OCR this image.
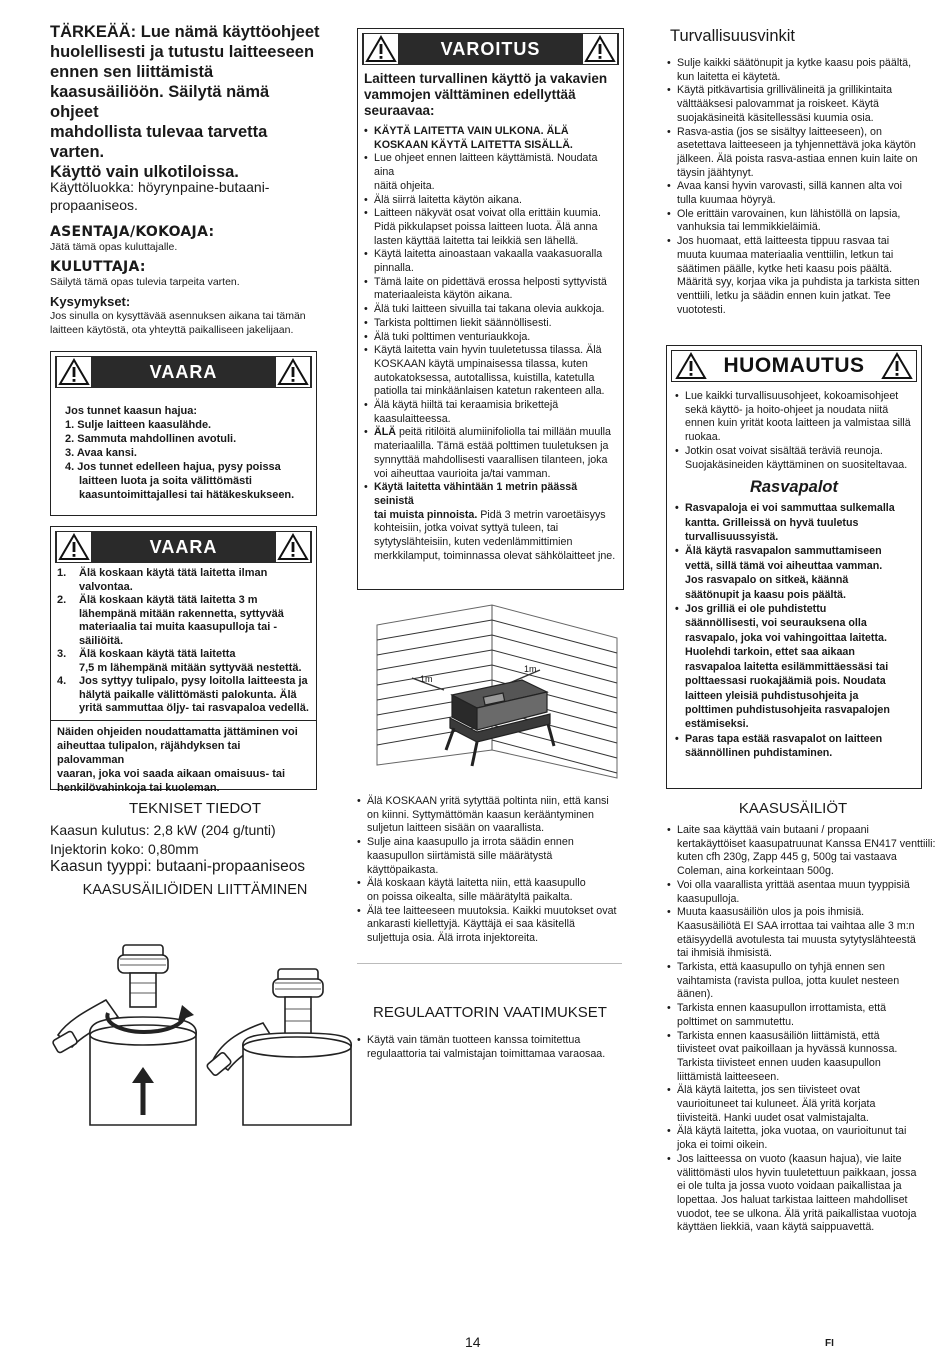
TÄRKEÄÄ: Lue nämä käyttöohjeet
huolellisesti ja tutustu laitteeseen
ennen sen liittämistä
kaasusäiliöön. Säilytä nämä ohjeet
mahdollista tulevaa tarvetta
varten.
Käyttö vain ulkotiloissa.
Käyttöluokka: höyrynpaine-butaani-
propaaniseos.
ASENTAJA/KOKOAJA:
Jätä tämä opas kuluttajalle.
KULUTTAJA:
Säilytä tämä opas tulevia tarpeita varten.
Kysymykset:
Jos sinulla on kysyttävää asennuksen aikana tai tämän
laitteen käytöstä, ota yhteyttä paikalliseen jakelijaan.
VAARA
Jos tunnet kaasun hajua:
1. Sulje laitteen kaasulähde.
2. Sammuta mahdollinen avotuli.
3. Avaa kansi.
4. Jos tunnet edelleen hajua, pysy poissa
laitteen luota ja soita välittömästi
kaasuntoimittajallesi tai hätäkeskukseen.
VAARA
1.	Älä koskaan käytä tätä laitetta ilman
valvontaa.
2.	Älä koskaan käytä tätä laitetta 3 m
lähempänä mitään rakennetta, syttyvää
materiaalia tai muita kaasupulloja tai -
säiliöitä.
3.	Älä koskaan käytä tätä laitetta
7,5 m lähempänä mitään syttyvää nestettä.
4.	Jos syttyy tulipalo, pysy loitolla laitteesta ja
hälytä paikalle välittömästi palokunta. Älä
yritä sammuttaa öljy- tai rasvapaloa vedellä.
Näiden ohjeiden noudattamatta jättäminen voi
aiheuttaa tulipalon, räjähdyksen tai palovamman
vaaran, joka voi saada aikaan omaisuus- tai
henkilövahinkoja tai kuoleman.
TEKNISET TIEDOT
Kaasun kulutus: 2,8 kW (204 g/tunti)
Injektorin koko: 0,80mm
Kaasun tyyppi: butaani-propaaniseos
KAASUSÄILIÖIDEN LIITTÄMINEN
VAROITUS
Laitteen turvallinen käyttö ja vakavien
vammojen välttäminen edellyttää
seuraavaa:
• KÄYTÄ LAITETTA VAIN ULKONA. ÄLÄ
KOSKAAN KÄYTÄ LAITETTA SISÄLLÄ.
• Lue ohjeet ennen laitteen käyttämistä. Noudata aina
näitä ohjeita.
• Älä siirrä laitetta käytön aikana.
• Laitteen näkyvät osat voivat olla erittäin kuumia.
Pidä pikkulapset poissa laitteen luota. Älä anna
lasten käyttää laitetta tai leikkiä sen lähellä.
• Käytä laitetta ainoastaan vakaalla vaakasuoralla
pinnalla.
• Tämä laite on pidettävä erossa helposti syttyvistä
materiaaleista käytön aikana.
• Älä tuki laitteen sivuilla tai takana olevia aukkoja.
• Tarkista polttimen liekit säännöllisesti.
• Älä tuki polttimen venturiaukkoja.
• Käytä laitetta vain hyvin tuuletetussa tilassa. Älä
KOSKAAN käytä umpinaisessa tilassa, kuten
autokatoksessa, autotallissa, kuistilla, katetulla
patiolla tai minkäänlaisen katetun rakenteen alla.
• Älä käytä hiiltä tai keraamisia brikettejä
kaasulaitteessa.
• ÄLÄ peitä ritilöitä alumiinifoliolla tai millään muulla
materiaalilla. Tämä estää polttimen tuuletuksen ja
synnyttää mahdollisesti vaarallisen tilanteen, joka
voi aiheuttaa vaurioita ja/tai vamman.
• Käytä laitetta vähintään 1 metrin päässä seinistä
tai muista pinnoista. Pidä 3 metrin varoetäisyys
kohteisiin, jotka voivat syttyä tuleen, tai
sytytyslähteisiin, kuten vedenlämmittimien
merkkilamput, toiminnassa olevat sähkölaitteet jne.
1m
1m
• Älä KOSKAAN yritä sytyttää poltinta niin, että kansi
on kiinni. Syttymättömän kaasun kerääntyminen
suljetun laitteen sisään on vaarallista.
• Sulje aina kaasupullo ja irrota säädin ennen
kaasupullon siirtämistä sille määrätystä
käyttöpaikasta.
• Älä koskaan käytä laitetta niin, että kaasupullo
on poissa oikealta, sille määrätyltä paikalta.
• Älä tee laitteeseen muutoksia. Kaikki muutokset ovat
ankarasti kiellettyjä. Käyttäjä ei saa käsitellä
suljettuja osia. Älä irrota injektoreita.
REGULAATTORIN VAATIMUKSET
• Käytä vain tämän tuotteen kanssa toimitettua
regulaattoria tai valmistajan toimittamaa varaosaa.
Turvallisuusvinkit
• Sulje kaikki säätönupit ja kytke kaasu pois päältä,
kun laitetta ei käytetä.
• Käytä pitkävartisia grillivälineitä ja grillikintaita
välttääksesi palovammat ja roiskeet. Käytä
suojakäsineitä käsitellessäsi kuumia osia.
• Rasva-astia (jos se sisältyy laitteeseen), on
asetettava laitteeseen ja tyhjennettävä joka käytön
jälkeen. Älä poista rasva-astiaa ennen kuin laite on
täysin jäähtynyt.
• Avaa kansi hyvin varovasti, sillä kannen alta voi
tulla kuumaa höyryä.
• Ole erittäin varovainen, kun lähistöllä on lapsia,
vanhuksia tai lemmikkieläimiä.
• Jos huomaat, että laitteesta tippuu rasvaa tai
muuta kuumaa materiaalia venttiilin, letkun tai
säätimen päälle, kytke heti kaasu pois päältä.
Määritä syy, korjaa vika ja puhdista ja tarkista sitten
venttiili, letku ja säädin ennen kuin jatkat. Tee
vuototesti.
HUOMAUTUS
• Lue kaikki turvallisuusohjeet, kokoamisohjeet
sekä käyttö- ja hoito-ohjeet ja noudata niitä
ennen kuin yrität koota laitteen ja valmistaa sillä
ruokaa.
• Jotkin osat voivat sisältää teräviä reunoja.
Suojakäsineiden käyttäminen on suositeltavaa.
Rasvapalot
• Rasvapaloja ei voi sammuttaa sulkemalla
kantta. Grilleissä on hyvä tuuletus
turvallisuussyistä.
• Älä käytä rasvapalon sammuttamiseen
vettä, sillä tämä voi aiheuttaa vamman.
Jos rasvapalo on sitkeä, käännä
säätönupit ja kaasu pois päältä.
• Jos grilliä ei ole puhdistettu
säännöllisesti, voi seurauksena olla
rasvapalo, joka voi vahingoittaa laitetta.
Huolehdi tarkoin, ettet saa aikaan
rasvapaloa laitetta esilämmittäessäsi tai
polttaessasi ruokajäämiä pois. Noudata
laitteen yleisiä puhdistusohjeita ja
polttimen puhdistusohjeita rasvapalojen
estämiseksi.
• Paras tapa estää rasvapalot on laitteen
säännöllinen puhdistaminen.
KAASUSÄILIÖT
• Laite saa käyttää vain butaani / propaani
kertakäyttöiset kaasupatruunat Kanssa EN417 venttiili:
kuten cfh 230g, Zapp 445 g, 500g tai vastaava
Coleman, aina korkeintaan 500g.
• Voi olla vaarallista yrittää asentaa muun tyyppisiä
kaasupulloja.
• Muuta kaasusäiliön ulos ja pois ihmisiä.
Kaasusäiliötä EI SAA irrottaa tai vaihtaa alle 3 m:n
etäisyydellä avotulesta tai muusta sytytyslähteestä
tai ihmisiä ihmisistä.
• Tarkista, että kaasupullo on tyhjä ennen sen
vaihtamista (ravista pulloa, jotta kuulet nesteen
äänen).
• Tarkista ennen kaasupullon irrottamista, että
polttimet on sammutettu.
• Tarkista ennen kaasusäiliön liittämistä, että
tiivisteet ovat paikoillaan ja hyvässä kunnossa.
Tarkista tiivisteet ennen uuden kaasupullon
liittämistä laitteeseen.
• Älä käytä laitetta, jos sen tiivisteet ovat
vaurioituneet tai kuluneet. Älä yritä korjata
tiivisteitä. Hanki uudet osat valmistajalta.
• Älä käytä laitetta, joka vuotaa, on vaurioitunut tai
joka ei toimi oikein.
• Jos laitteessa on vuoto (kaasun hajua), vie laite
välittömästi ulos hyvin tuuletettuun paikkaan, jossa
ei ole tulta ja jossa vuoto voidaan paikallistaa ja
lopettaa. Jos haluat tarkistaa laitteen mahdolliset
vuodot, tee se ulkona. Älä yritä paikallistaa vuotoja
käyttäen liekkiä, vaan käytä saippuavettä.
14	FI
